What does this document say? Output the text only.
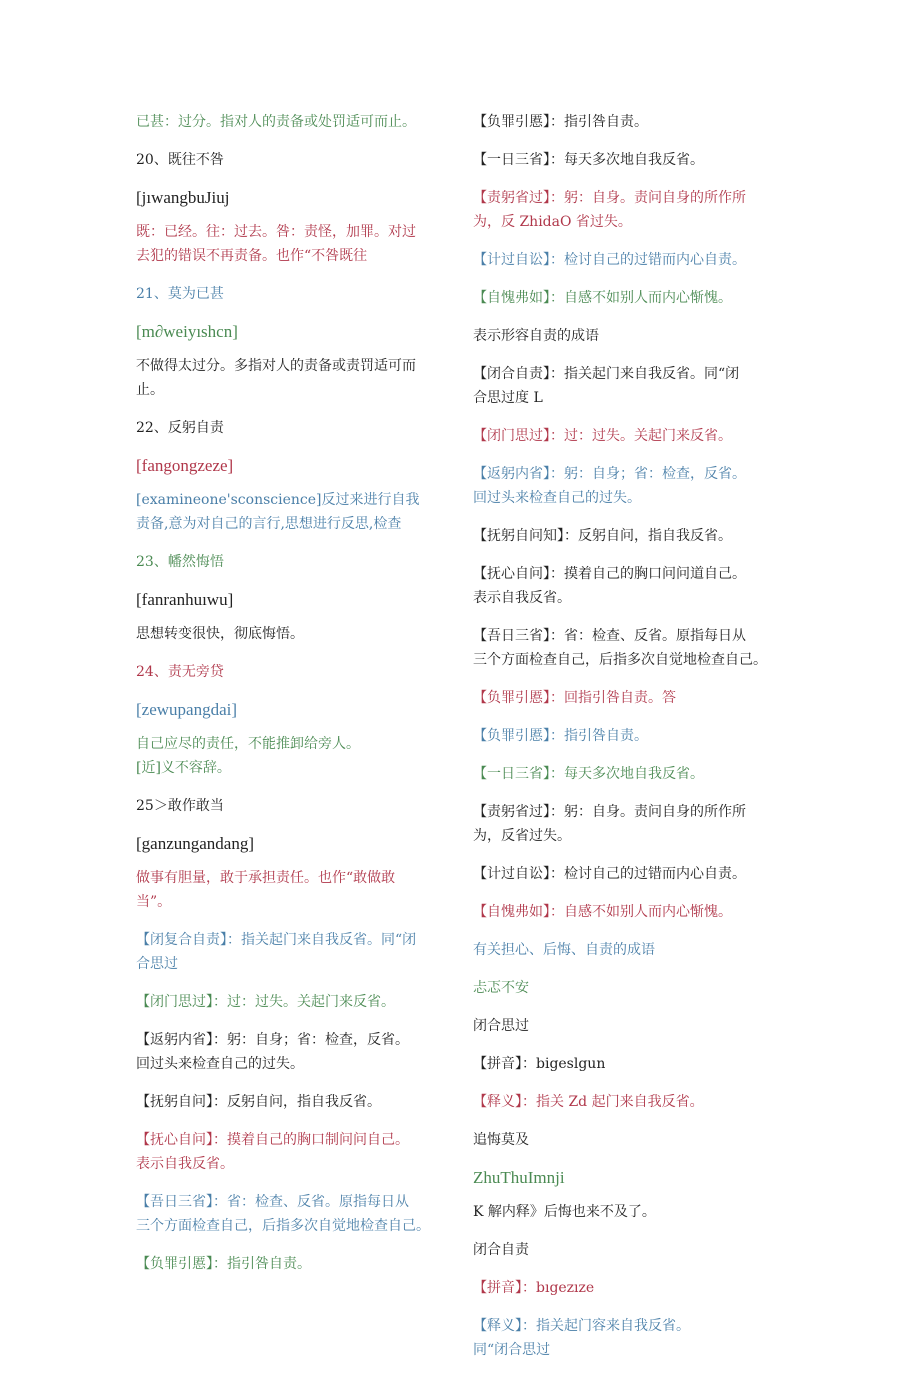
已甚：过分。指对人的责备或处罚适可而止。
20、既往不咎
[jıwangbuJiuj
既：已经。往：过去。咎：责怪，加罪。对过
去犯的错误不再责备。也作“不咎既往
21、莫为已甚
[m∂weiyıshcn]
不做得太过分。多指对人的责备或责罚适可而
止。
22、反躬自责
[fangongzeze]
[examineone'sconscience]反过来进行自我
责备,意为对自己的言行,思想进行反思,检查
23、幡然悔悟
[fanranhuıwu]
思想转变很快，彻底悔悟。
24、责无旁贷
[zewupangdai]
自己应尽的责任，不能推卸给旁人。
[近]义不容辞。
25＞敢作敢当
[ganzungandang]
做事有胆量，敢于承担责任。也作“敢做敢
当”。
【闭复合自责】：指关起门来自我反省。同“闭
合思过
【闭门思过】：过：过失。关起门来反省。
【返躬内省】：躬：自身；省：检查，反省。
回过头来检查自己的过失。
【抚躬自问】：反躬自问，指自我反省。
【抚心自问】：摸着自己的胸口制问问自己。
表示自我反省。
【吾日三省】：省：检查、反省。原指每日从
三个方面检查自己，后指多次自觉地检查自己。
【负罪引慝】：指引咎自责。
【负罪引慝】：指引咎自责。
【一日三省】：每天多次地自我反省。
【责躬省过】：躬：自身。责问自身的所作所
为，反 ZhidaO 省过失。
【计过自讼】：检讨自己的过错而内心自责。
【自愧弗如】：自感不如别人而内心惭愧。
表示形容自责的成语
【闭合自责】：指关起门来自我反省。同“闭
合思过度 L
【闭门思过】：过：过失。关起门来反省。
【返躬内省】：躬：自身；省：检查，反省。
回过头来检查自己的过失。
【抚躬自问知】：反躬自问，指自我反省。
【抚心自问】：摸着自己的胸口问问道自己。
表示自我反省。
【吾日三省】：省：检查、反省。原指每日从
三个方面检查自己，后指多次自觉地检查自己。
【负罪引慝】：回指引咎自责。答
【负罪引慝】：指引咎自责。
【一日三省】：每天多次地自我反省。
【责躬省过】：躬：自身。责问自身的所作所
为，反省过失。
【计过自讼】：检讨自己的过错而内心自责。
【自愧弗如】：自感不如别人而内心惭愧。
有关担心、后悔、自责的成语
忐忑不安
闭合思过
【拼音】：bigeslgun
【释义】：指关 Zd 起门来自我反省。
追悔莫及
ZhuThuImnji
K 解内释》后悔也来不及了。
闭合自责
【拼音】：bıgezıze
【释义】：指关起门容来自我反省。
同“闭合思过
